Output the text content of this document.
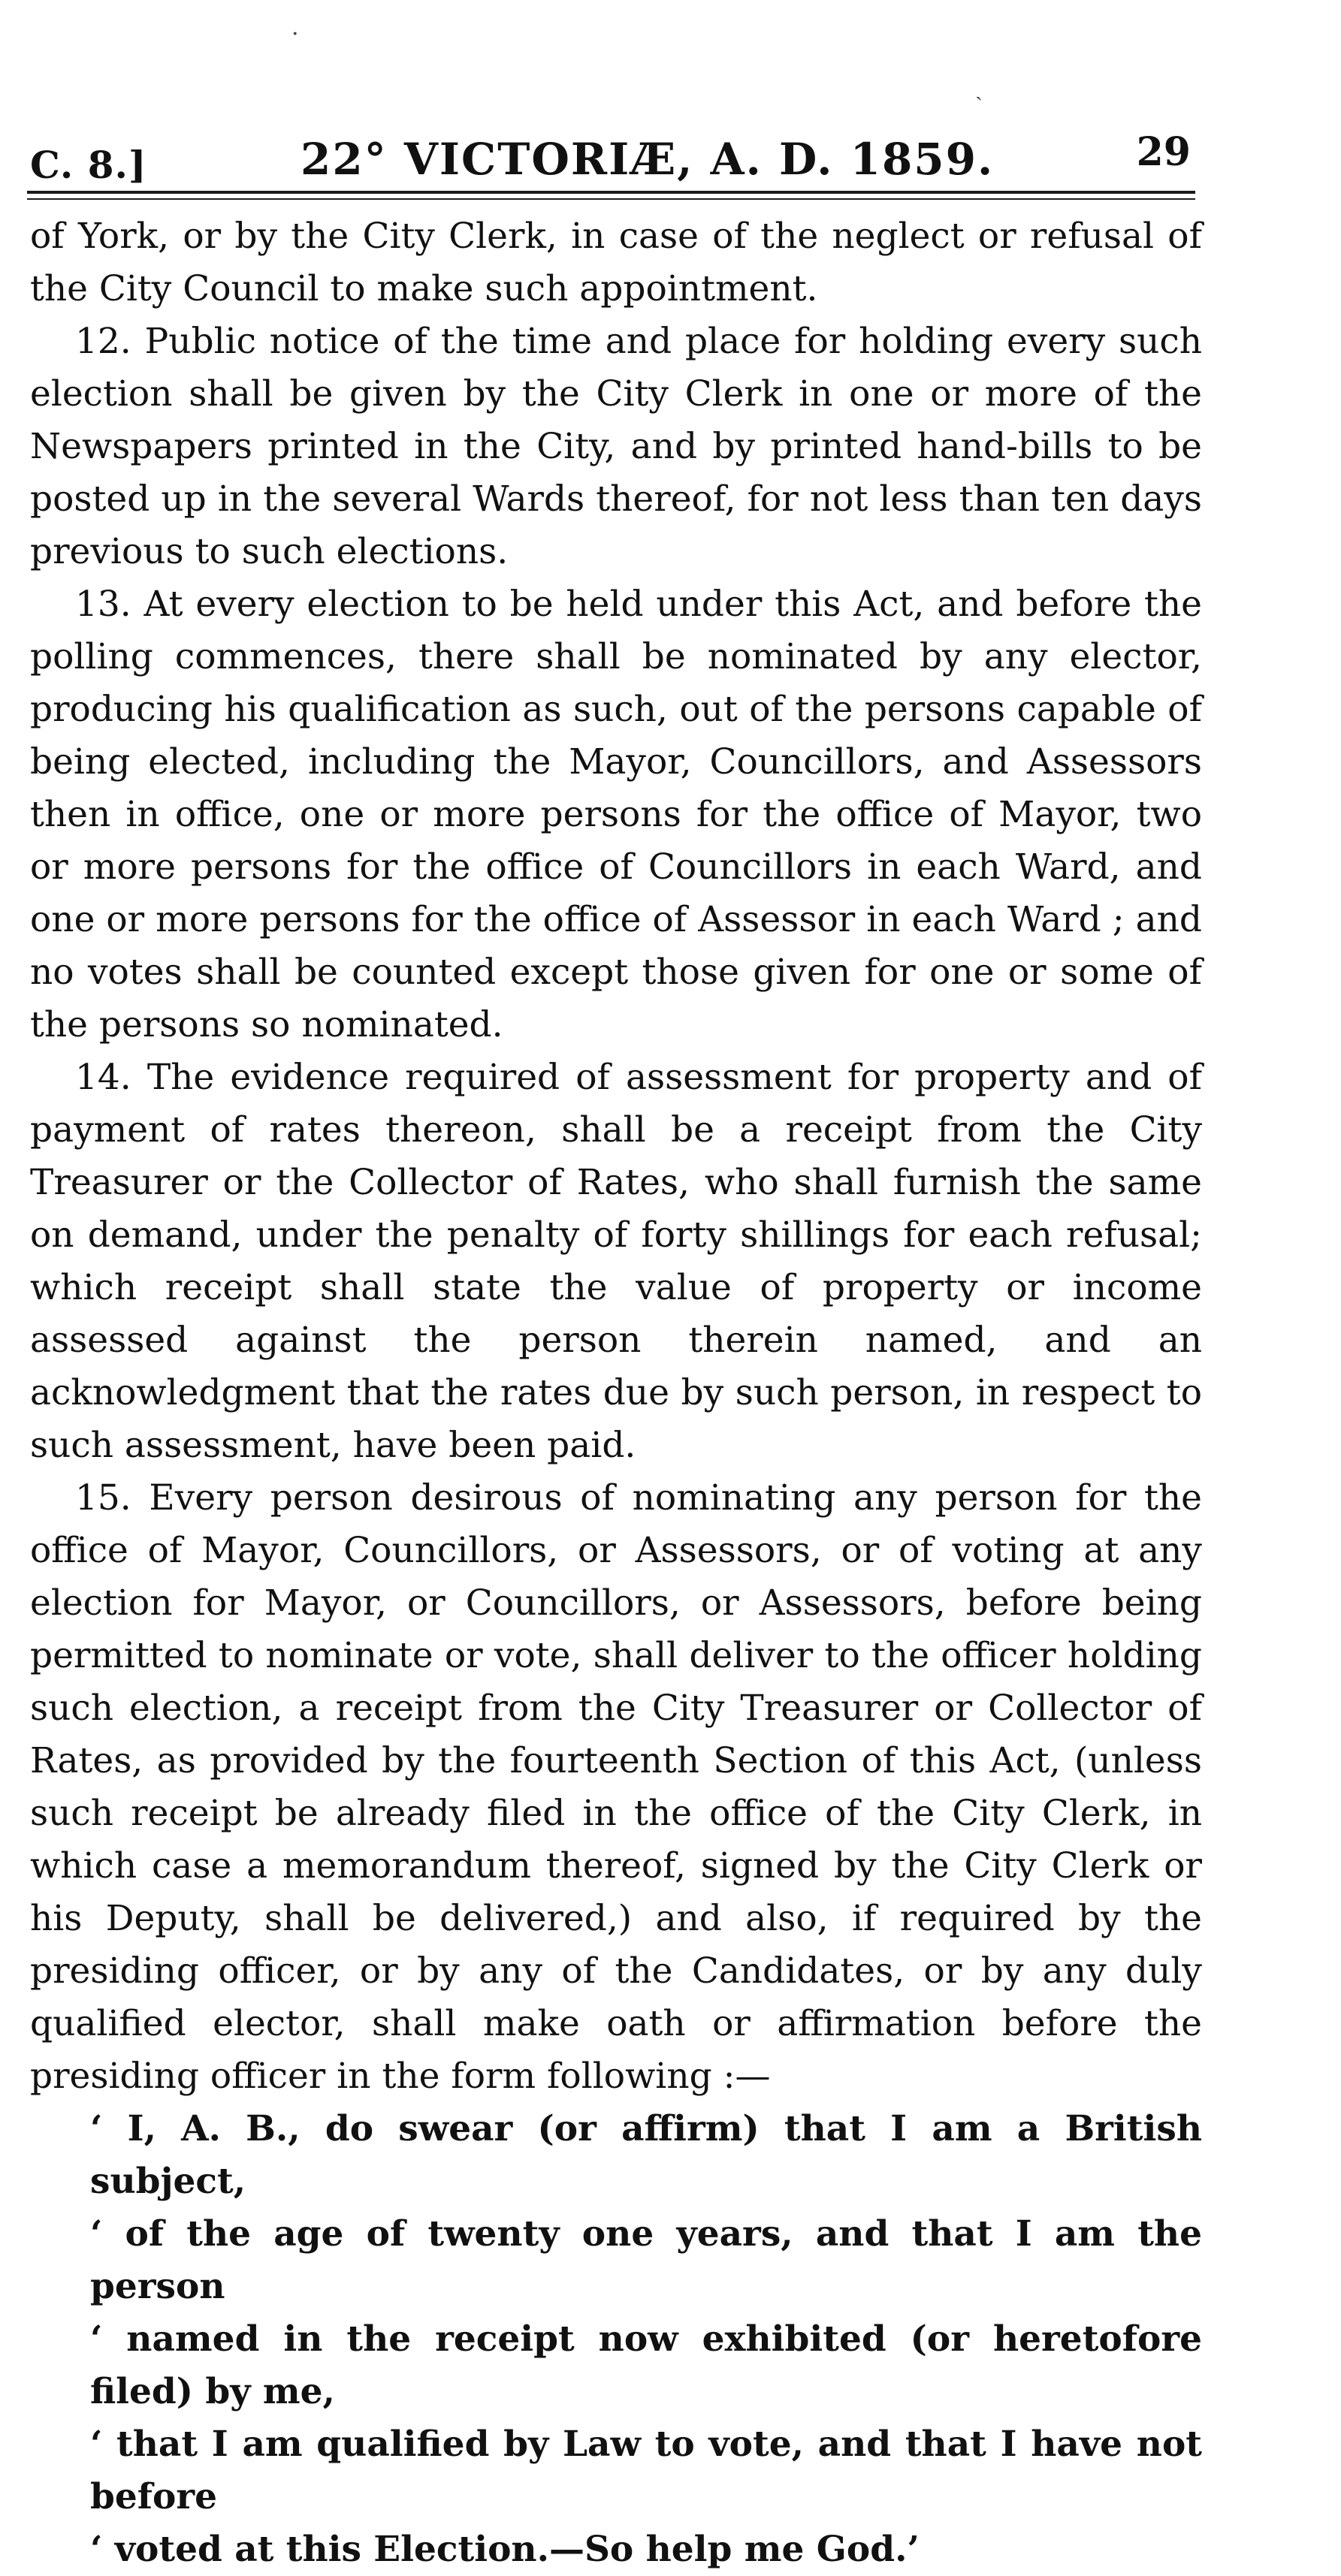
·
ˏ
C. 8.]	22° VICTORIÆ, A. D. 1859.	29

of York, or by the City Clerk, in case of the neglect or refusal of the City Council to make such appointment.

12. Public notice of the time and place for holding every such election shall be given by the City Clerk in one or more of the Newspapers printed in the City, and by printed hand-bills to be posted up in the several Wards thereof, for not less than ten days previous to such elections.

13. At every election to be held under this Act, and before the polling commences, there shall be nominated by any elector, producing his qualification as such, out of the persons capable of being elected, including the Mayor, Councillors, and Assessors then in office, one or more persons for the office of Mayor, two or more persons for the office of Councillors in each Ward, and one or more persons for the office of Assessor in each Ward ; and no votes shall be counted except those given for one or some of the persons so nominated.

14. The evidence required of assessment for property and of payment of rates thereon, shall be a receipt from the City Treasurer or the Collector of Rates, who shall furnish the same on demand, under the penalty of forty shillings for each refusal; which receipt shall state the value of property or income assessed against the person therein named, and an acknowledgment that the rates due by such person, in respect to such assessment, have been paid.

15. Every person desirous of nominating any person for the office of Mayor, Councillors, or Assessors, or of voting at any election for Mayor, or Councillors, or Assessors, before being permitted to nominate or vote, shall deliver to the officer holding such election, a receipt from the City Treasurer or Collector of Rates, as provided by the fourteenth Section of this Act, (unless such receipt be already filed in the office of the City Clerk, in which case a memorandum thereof, signed by the City Clerk or his Deputy, shall be delivered,) and also, if required by the presiding officer, or by any of the Candidates, or by any duly qualified elector, shall make oath or affirmation before the presiding officer in the form following :—

‘ I, A. B., do swear (or affirm) that I am a British subject,
‘ of the age of twenty one years, and that I am the person
‘ named in the receipt now exhibited (or heretofore filed) by me,
‘ that I am qualified by Law to vote, and that I have not before
‘ voted at this Election.—So help me God.’
